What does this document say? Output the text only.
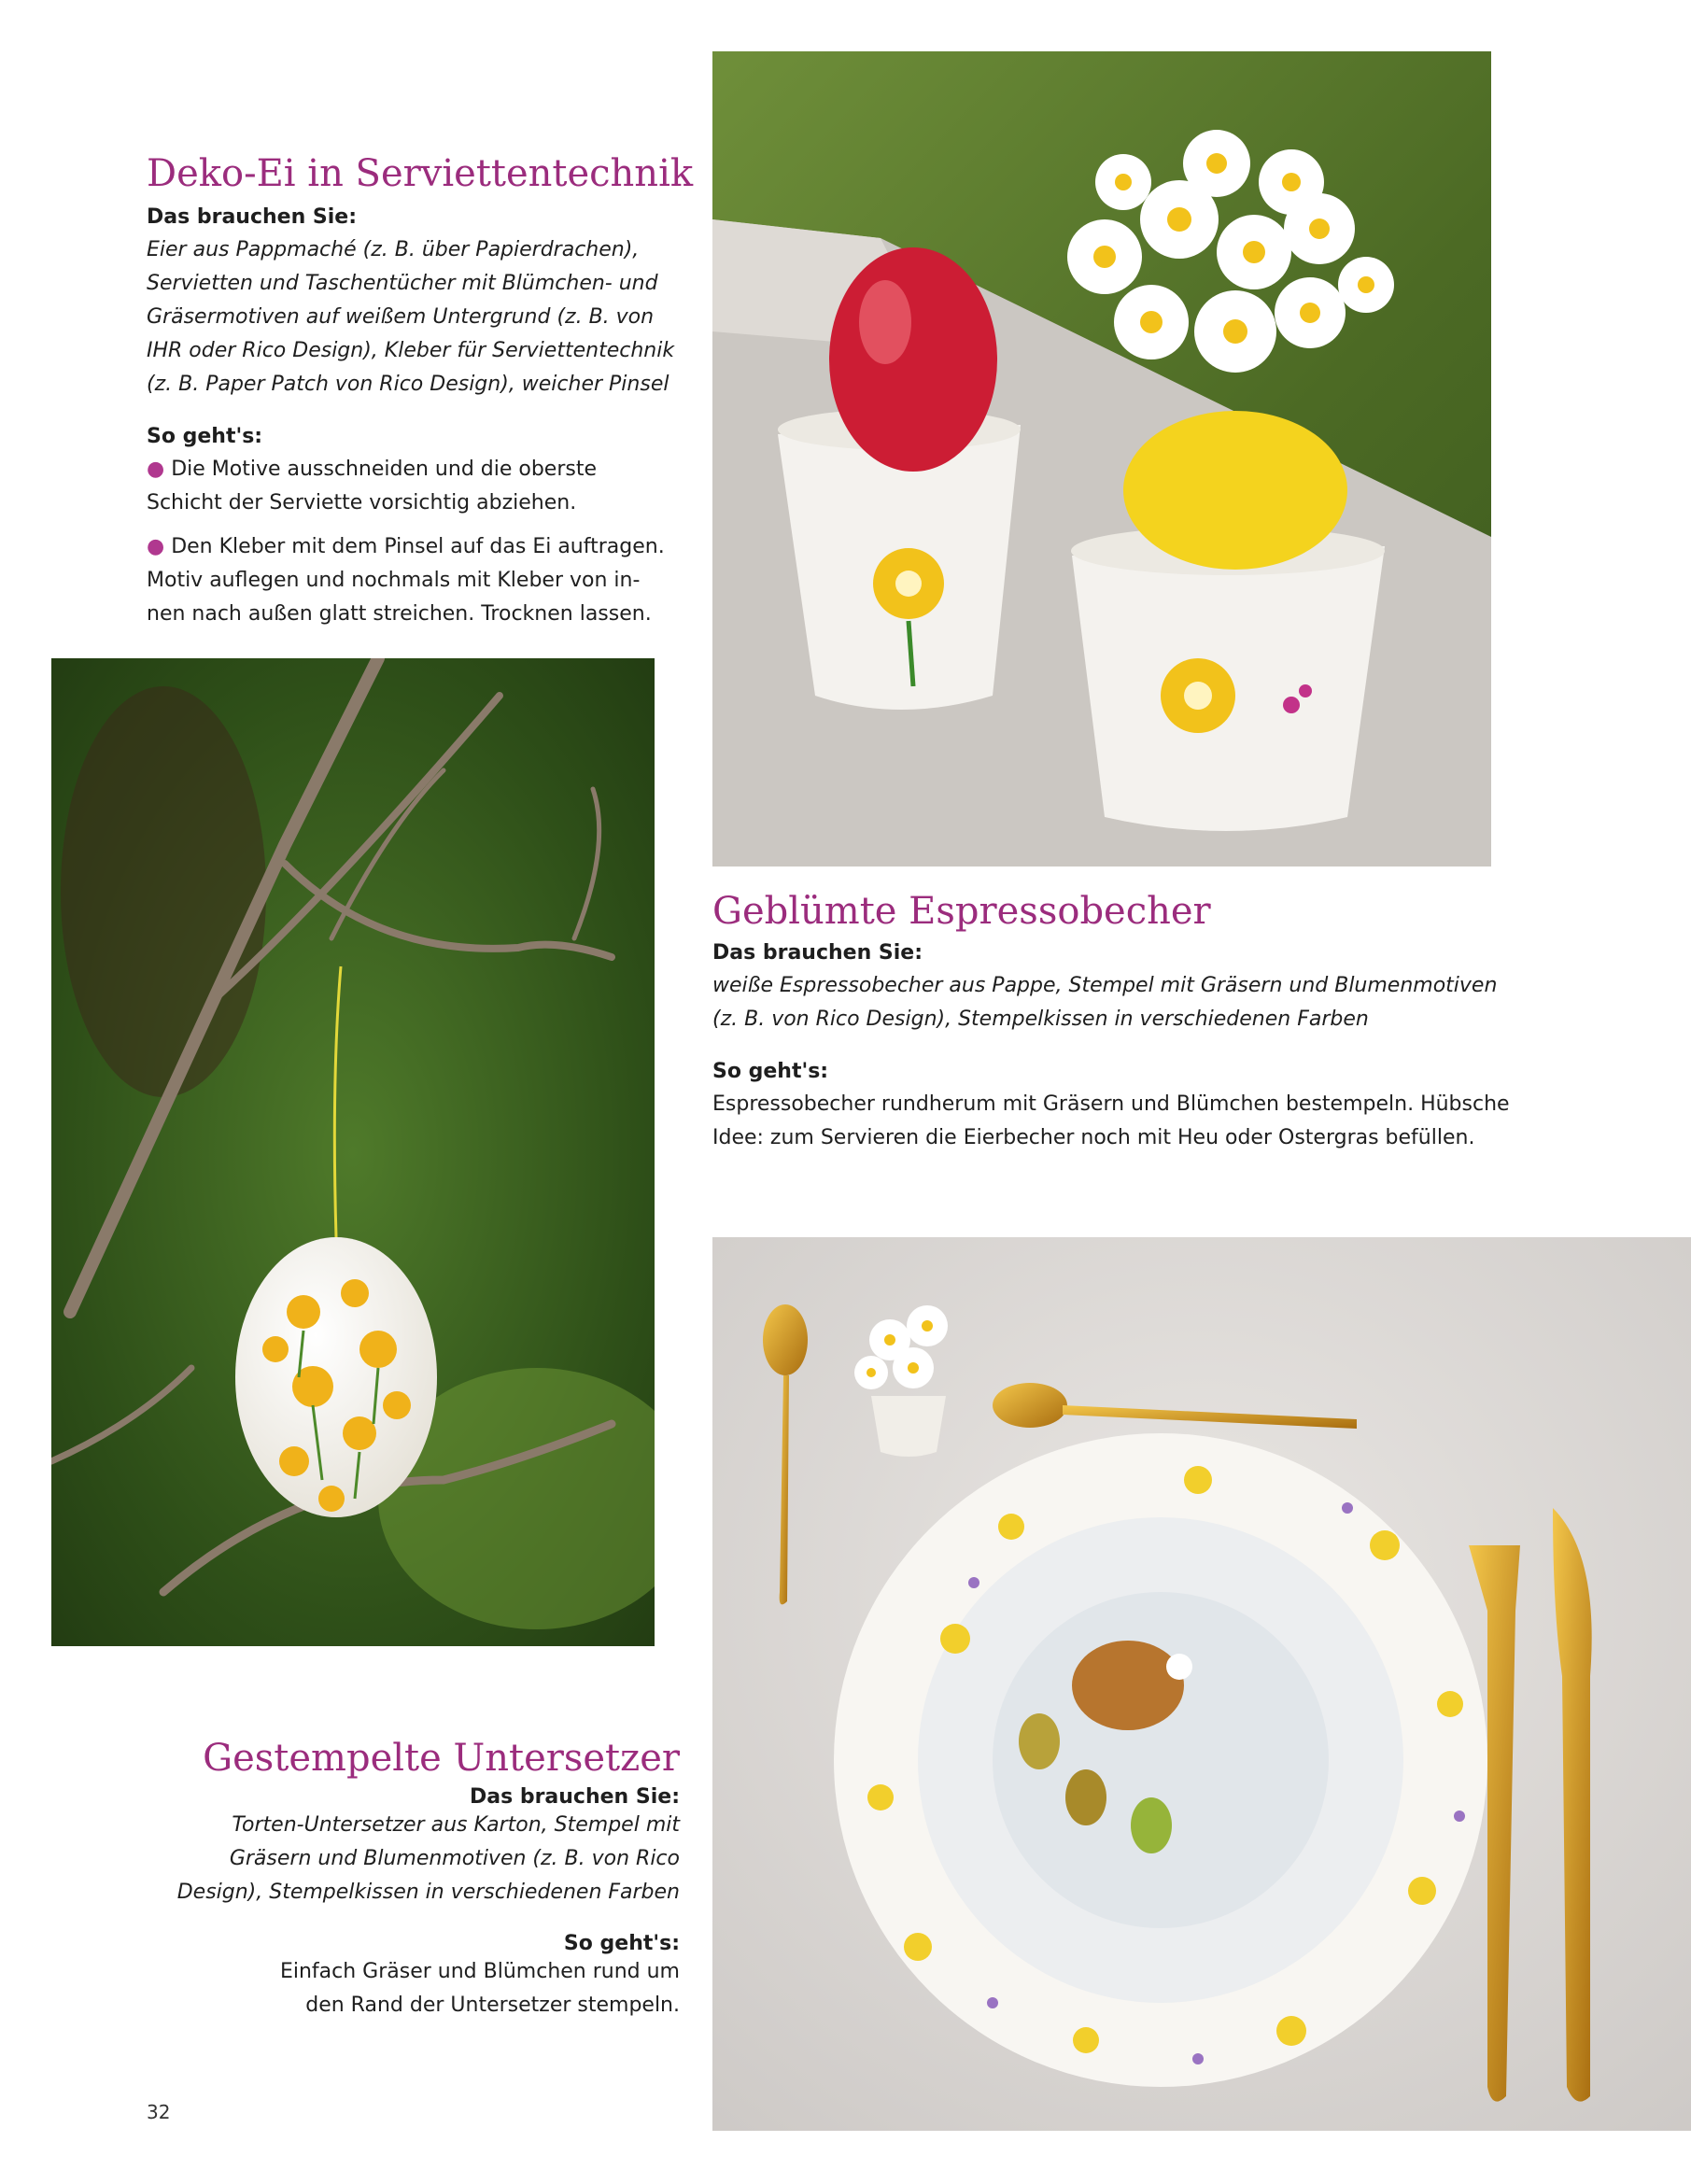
Deko-Ei in Serviettentechnik
Das brauchen Sie:
Eier aus Pappmaché (z. B. über Papierdrachen),
Servietten und Taschentücher mit Blümchen- und
Gräsermotiven auf weißem Untergrund (z. B. von
IHR oder Rico Design), Kleber für Serviettentechnik
(z. B. Paper Patch von Rico Design), weicher Pinsel
So geht's:
● Die Motive ausschneiden und die oberste
Schicht der Serviette vorsichtig abziehen.
● Den Kleber mit dem Pinsel auf das Ei auftragen.
Motiv auflegen und nochmals mit Kleber von in-
nen nach außen glatt streichen. Trocknen lassen.
Geblümte Espressobecher
Das brauchen Sie:
weiße Espressobecher aus Pappe, Stempel mit Gräsern und Blumenmotiven
(z. B. von Rico Design), Stempelkissen in verschiedenen Farben
So geht's:
Espressobecher rundherum mit Gräsern und Blümchen bestempeln. Hübsche
Idee: zum Servieren die Eierbecher noch mit Heu oder Ostergras befüllen.
Gestempelte Untersetzer
Das brauchen Sie:
Torten-Untersetzer aus Karton, Stempel mit
Gräsern und Blumenmotiven (z. B. von Rico
Design), Stempelkissen in verschiedenen Farben
So geht's:
Einfach Gräser und Blümchen rund um
den Rand der Untersetzer stempeln.
32
